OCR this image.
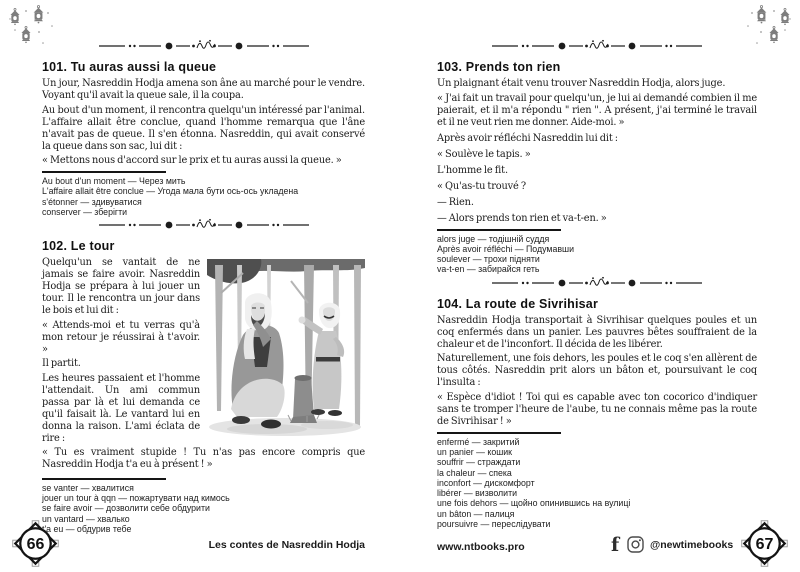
101. Tu auras aussi la queue

Un jour, Nasreddin Hodja amena son âne au marché pour le vendre. Voyant qu'il avait la queue sale, il la coupa.

Au bout d'un moment, il rencontra quelqu'un intéressé par l'animal. L'affaire allait être conclue, quand l'homme remarqua que l'âne n'avait pas de queue. Il s'en étonna. Nasreddin, qui avait conservé la queue dans son sac, lui dit :

« Mettons nous d'accord sur le prix et tu auras aussi la queue. »

Au bout d'un moment — Через мить
L'affaire allait être conclue — Угода мала бути ось-ось укладена
s'étonner — здивуватися
conserver — зберігти
102. Le tour

Quelqu'un se vantait de ne jamais se faire avoir. Nasreddin Hodja se prépara à lui jouer un tour. Il le rencontra un jour dans le bois et lui dit :

« Attends-moi et tu verras qu'à mon retour je réussirai à t'avoir. »

Il partit.

Les heures passaient et l'homme l'attendait. Un ami commun passa par là et lui demanda ce qu'il faisait là. Le vantard lui en donna la raison. L'ami éclata de rire :

« Tu es vraiment stupide ! Tu n'as pas encore compris que Nasreddin Hodja t'a eu à présent ! »

se vanter — хвалитися
jouer un tour à qqn — пожартувати над кимось
se faire avoir — дозволити себе обдурити
un vantard — хвалько
t'a eu — обдурив тебе
66	Les contes de Nasreddin Hodja
103. Prends ton rien

Un plaignant était venu trouver Nasreddin Hodja, alors juge.

« J'ai fait un travail pour quelqu'un, je lui ai demandé combien il me paierait, et il m'a répondu " rien ". A présent, j'ai terminé le travail et il ne veut rien me donner. Aide-moi. »

Après avoir réfléchi Nasreddin lui dit :

« Soulève le tapis. »

L'homme le fit.

« Qu'as-tu trouvé ?

— Rien.

— Alors prends ton rien et va-t-en. »

alors juge — тодішній суддя
Après avoir réfléchi — Подумавши
soulever — трохи підняти
va-t-en — забирайся геть
104. La route de Sivrihisar

Nasreddin Hodja transportait à Sivrihisar quelques poules et un coq enfermés dans un panier. Les pauvres bêtes souffraient de la chaleur et de l'inconfort. Il décida de les libérer.

Naturellement, une fois dehors, les poules et le coq s'en allèrent de tous côtés. Nasreddin prit alors un bâton et, poursuivant le coq l'insulta :

« Espèce d'idiot ! Toi qui es capable avec ton cocorico d'indiquer sans te tromper l'heure de l'aube, tu ne connais même pas la route de Sivrihisar ! »

enfermé — закритий
un panier — кошик
souffrir — страждати
la chaleur — спека
inconfort — дискомфорт
libérer — визволити
une fois dehors — щойно опинившись на вулиці
un bâton — палиця
poursuivre — переслідувати
www.ntbooks.pro	f	@newtimebooks 67
